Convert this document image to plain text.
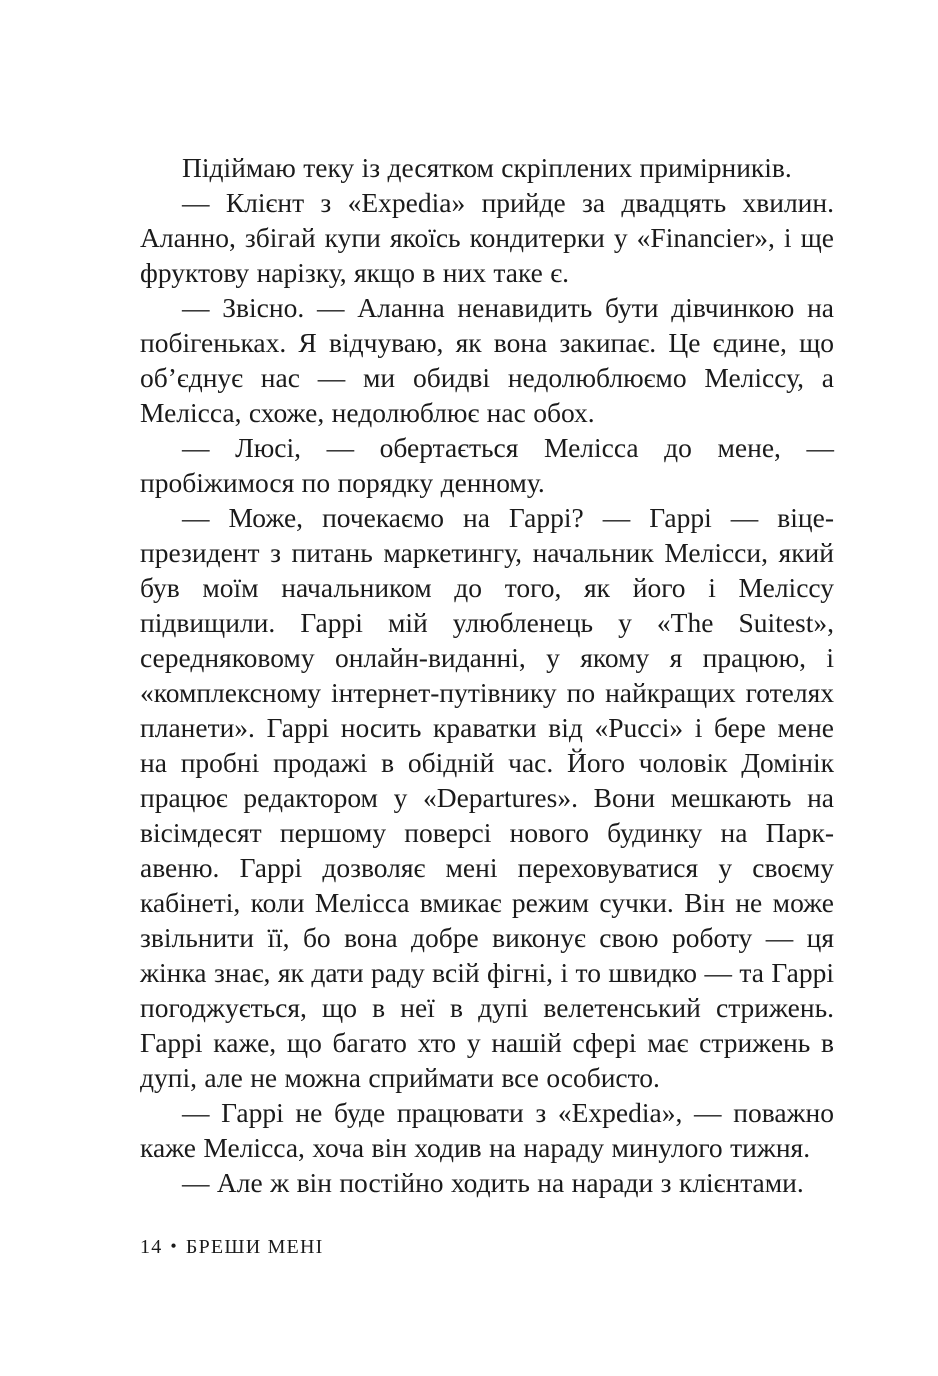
Підіймаю теку із десятком скріплених примірників.

— Клієнт з «Expedia» прийде за двадцять хвилин. Аланно, збігай купи якоїсь кондитерки у «Financier», і ще фруктову нарізку, якщо в них таке є.

— Звісно. — Аланна ненавидить бути дівчинкою на побігеньках. Я відчуваю, як вона закипає. Це єдине, що об’єднує нас — ми обидві недолюблюємо Меліссу, а Мелісса, схоже, недолюблює нас обох.

— Люсі, — обертається Мелісса до мене, — пробіжимося по порядку денному.

— Може, почекаємо на Гаррі? — Гаррі — віце-президент з питань маркетингу, начальник Мелісси, який був моїм начальником до того, як його і Меліссу підвищили. Гаррі мій улюбленець у «The Suitest», середняковому онлайн-виданні, у якому я працюю, і «комплексному інтернет-путівнику по найкращих готелях планети». Гаррі носить краватки від «Pucci» і бере мене на пробні продажі в обідній час. Його чоловік Домінік працює редактором у «Departures». Вони мешкають на вісімдесят першому поверсі нового будинку на Парк-авеню. Гаррі дозволяє мені переховуватися у своєму кабінеті, коли Мелісса вмикає режим сучки. Він не може звільнити її, бо вона добре виконує свою роботу — ця жінка знає, як дати раду всій фігні, і то швидко — та Гаррі погоджується, що в неї в дупі велетенський стрижень. Гаррі каже, що багато хто у нашій сфері має стрижень в дупі, але не можна сприймати все особисто.

— Гаррі не буде працювати з «Expedia», — поважно каже Мелісса, хоча він ходив на нараду минулого тижня.

— Але ж він постійно ходить на наради з клієнтами.

14 • БРЕШИ МЕНІ
